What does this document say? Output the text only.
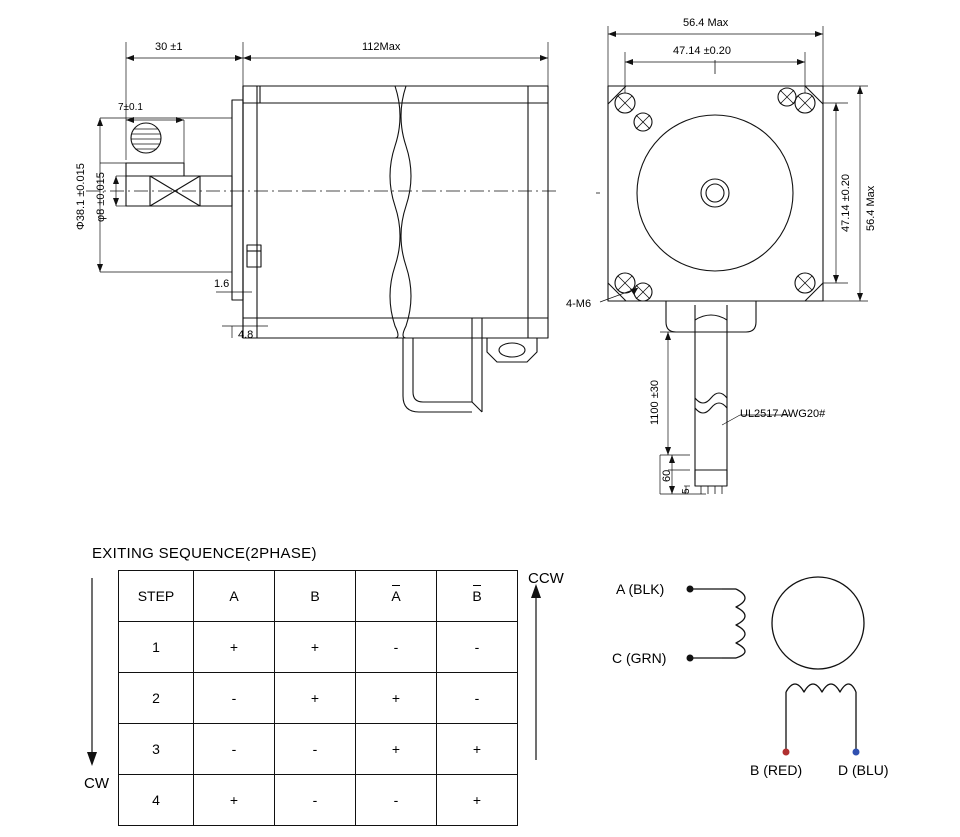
30 ±1	112Max
7±0.1
Φ38.1 ±0.015 φ8 ±0.015
1.6
4.8
56.4 Max
47.14 ±0.20
47.14 ±0.20 56.4 Max
4-M6
1100 ±30
60
5
UL2517 AWG20#
EXITING SEQUENCE(2PHASE)
STEP	A	B	A	B
1	+	+	-	-
2	-	+	+	-
3	-	-	+	+
4	+	-	-	+
CW
CCW
A (BLK)
C (GRN)
B (RED)	D (BLU)
